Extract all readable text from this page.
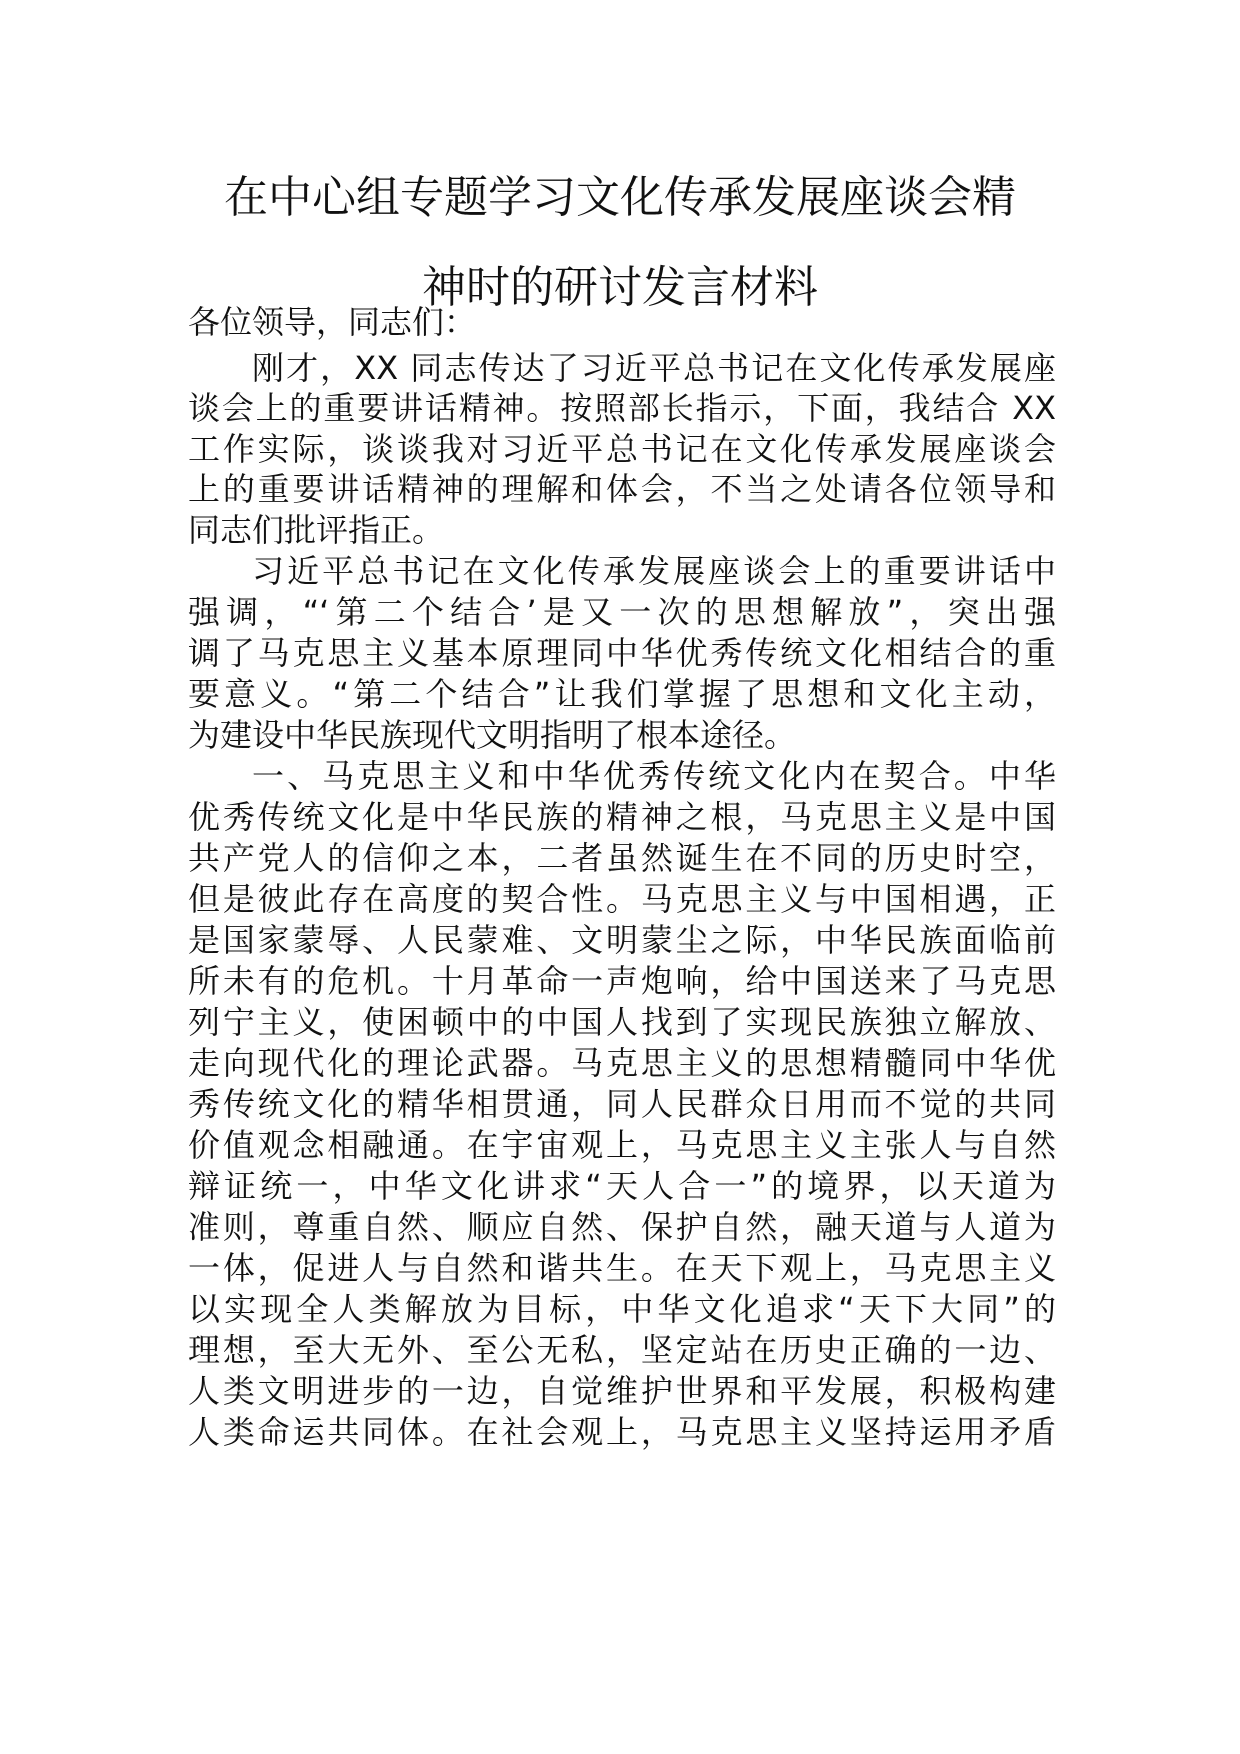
在中心组专题学习文化传承发展座谈会精
神时的研讨发言材料
各位领导，同志们：
刚才，XX 同志传达了习近平总书记在文化传承发展座
谈会上的重要讲话精神。按照部长指示，下面，我结合 XX
工作实际，谈谈我对习近平总书记在文化传承发展座谈会
上的重要讲话精神的理解和体会，不当之处请各位领导和
同志们批评指正。
习近平总书记在文化传承发展座谈会上的重要讲话中
强调，“‘第二个结合’是又一次的思想解放”，突出强
调了马克思主义基本原理同中华优秀传统文化相结合的重
要意义。“第二个结合”让我们掌握了思想和文化主动，
为建设中华民族现代文明指明了根本途径。
一、马克思主义和中华优秀传统文化内在契合。中华
优秀传统文化是中华民族的精神之根，马克思主义是中国
共产党人的信仰之本，二者虽然诞生在不同的历史时空，
但是彼此存在高度的契合性。马克思主义与中国相遇，正
是国家蒙辱、人民蒙难、文明蒙尘之际，中华民族面临前
所未有的危机。十月革命一声炮响，给中国送来了马克思
列宁主义，使困顿中的中国人找到了实现民族独立解放、
走向现代化的理论武器。马克思主义的思想精髓同中华优
秀传统文化的精华相贯通，同人民群众日用而不觉的共同
价值观念相融通。在宇宙观上，马克思主义主张人与自然
辩证统一，中华文化讲求“天人合一”的境界，以天道为
准则，尊重自然、顺应自然、保护自然，融天道与人道为
一体，促进人与自然和谐共生。在天下观上，马克思主义
以实现全人类解放为目标，中华文化追求“天下大同”的
理想，至大无外、至公无私，坚定站在历史正确的一边、
人类文明进步的一边，自觉维护世界和平发展，积极构建
人类命运共同体。在社会观上，马克思主义坚持运用矛盾
